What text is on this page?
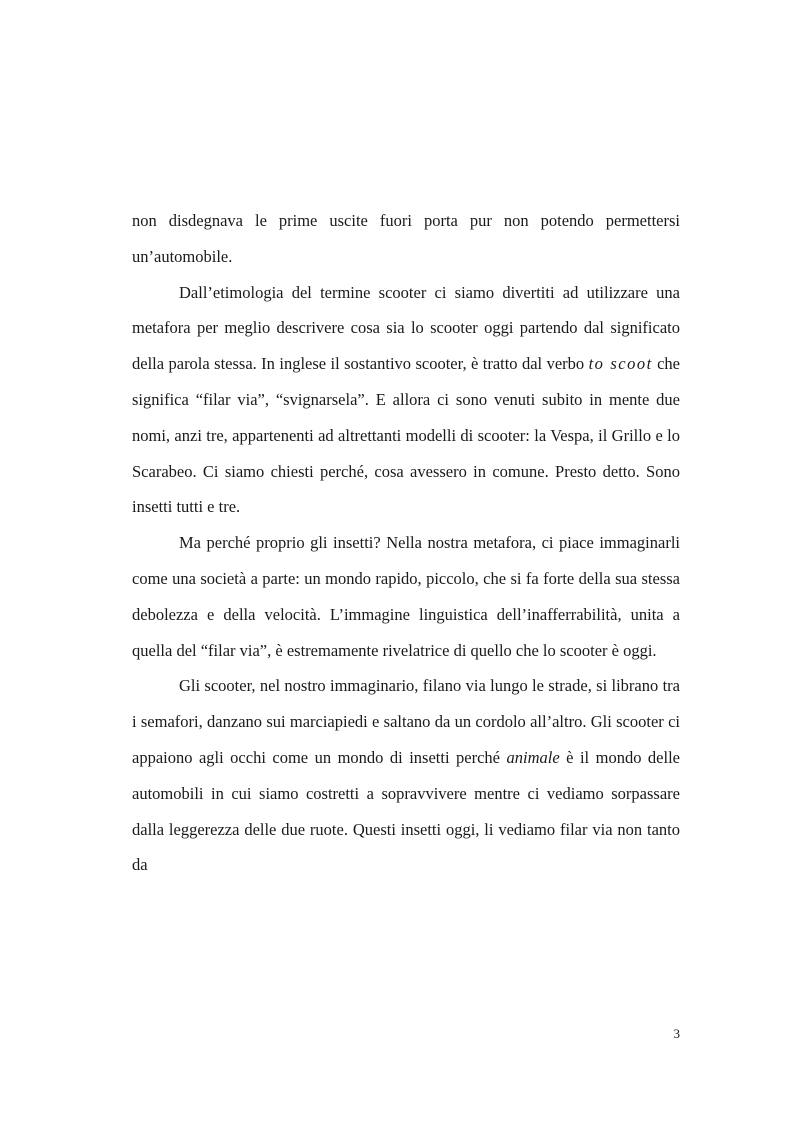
non disdegnava le prime uscite fuori porta pur non potendo permettersi un’automobile.

Dall’etimologia del termine scooter ci siamo divertiti ad utilizzare una metafora per meglio descrivere cosa sia lo scooter oggi partendo dal significato della parola stessa. In inglese il sostantivo scooter, è tratto dal verbo to scoot che significa “filar via”, “svignarsela”. E allora ci sono venuti subito in mente due nomi, anzi tre, appartenenti ad altrettanti modelli di scooter: la Vespa, il Grillo e lo Scarabeo. Ci siamo chiesti perché, cosa avessero in comune. Presto detto. Sono insetti tutti e tre.

Ma perché proprio gli insetti? Nella nostra metafora, ci piace immaginarli come una società a parte: un mondo rapido, piccolo, che si fa forte della sua stessa debolezza e della velocità. L’immagine linguistica dell’inafferrabilità, unita a quella del “filar via”, è estremamente rivelatrice di quello che lo scooter è oggi.

Gli scooter, nel nostro immaginario, filano via lungo le strade, si librano tra i semafori, danzano sui marciapiedi e saltano da un cordolo all’altro. Gli scooter ci appaiono agli occhi come un mondo di insetti perché animale è il mondo delle automobili in cui siamo costretti a sopravvivere mentre ci vediamo sorpassare dalla leggerezza delle due ruote. Questi insetti oggi, li vediamo filar via non tanto da

3
